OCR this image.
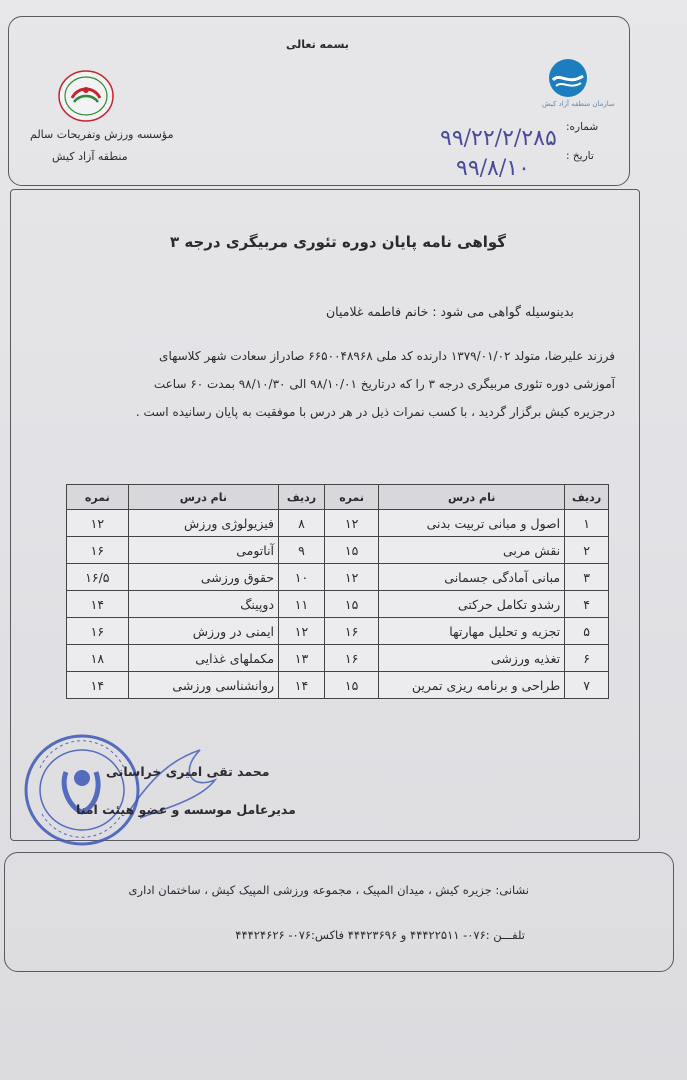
بسمه تعالی
مؤسسه ورزش وتفریحات سالم
منطقه آزاد کیش
سازمان منطقه آزاد کیش
شماره:
۹۹/۲۲/۲/۲۸۵
تاریخ :
۹۹/۸/۱۰
گواهی نامه پایان دوره تئوری مربیگری درجه ۳
بدینوسیله گواهی می شود : خانم فاطمه غلامیان
فرزند علیرضا، متولد ۱۳۷۹/۰۱/۰۲ دارنده کد ملی ۶۶۵۰۰۴۸۹۶۸ صادراز سعادت شهر کلاسهای
آموزشی دوره تئوری مربیگری درجه ۳ را که درتاریخ ۹۸/۱۰/۰۱ الی ۹۸/۱۰/۳۰ بمدت ۶۰ ساعت
درجزیره کیش برگزار گردید ، با کسب نمرات ذیل در هر درس با موفقیت به پایان رسانیده است .
ردیف	نام درس	نمره	ردیف	نام درس	نمره
۱	اصول و مبانی تربیت بدنی	۱۲	۸	فیزیولوژی ورزش	۱۲
۲	نقش مربی	۱۵	۹	آناتومی	۱۶
۳	مبانی آمادگی جسمانی	۱۲	۱۰	حقوق ورزشی	۱۶/۵
۴	رشدو تکامل حرکتی	۱۵	۱۱	دوپینگ	۱۴
۵	تجزیه و تحلیل مهارتها	۱۶	۱۲	ایمنی در ورزش	۱۶
۶	تغذیه ورزشی	۱۶	۱۳	مکملهای غذایی	۱۸
۷	طراحی و برنامه ریزی تمرین	۱۵	۱۴	روانشناسی ورزشی	۱۴
محمد تقی امیری خراسانی
مدیرعامل موسسه و عضو هیئت امنا
نشانی: جزیره کیش ، میدان المپیک ، مجموعه ورزشی المپیک کیش ، ساختمان اداری
تلفـــن :۰۷۶- ۴۴۴۲۲۵۱۱ و ۴۴۴۲۳۶۹۶ فاکس:۰۷۶- ۴۴۴۲۴۶۲۶
